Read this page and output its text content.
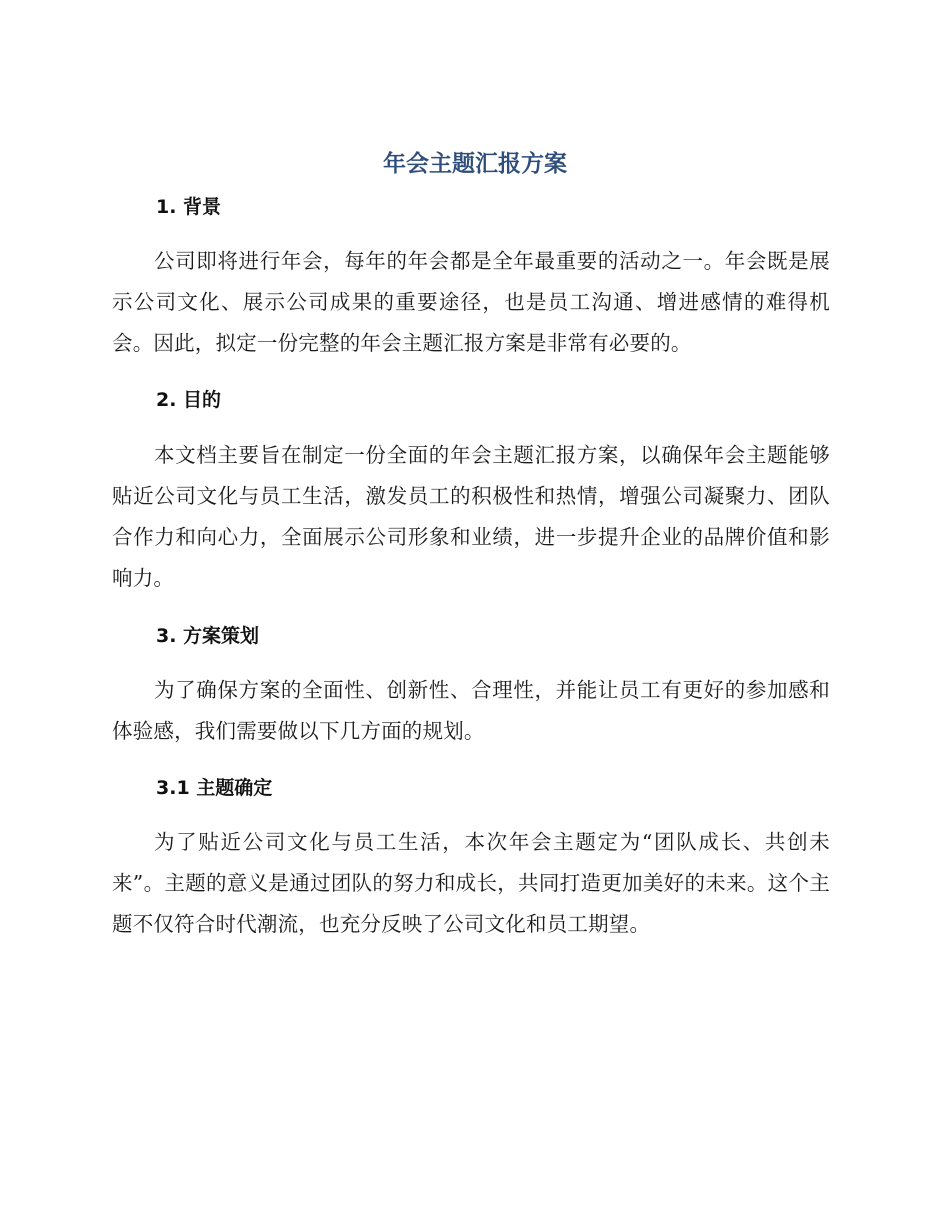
年会主题汇报方案
1. 背景

公司即将进行年会，每年的年会都是全年最重要的活动之一。年会既是展示公司文化、展示公司成果的重要途径，也是员工沟通、增进感情的难得机会。因此，拟定一份完整的年会主题汇报方案是非常有必要的。

2. 目的

本文档主要旨在制定一份全面的年会主题汇报方案，以确保年会主题能够贴近公司文化与员工生活，激发员工的积极性和热情，增强公司凝聚力、团队合作力和向心力，全面展示公司形象和业绩，进一步提升企业的品牌价值和影响力。

3. 方案策划

为了确保方案的全面性、创新性、合理性，并能让员工有更好的参加感和体验感，我们需要做以下几方面的规划。

3.1 主题确定

为了贴近公司文化与员工生活，本次年会主题定为“团队成长、共创未来”。主题的意义是通过团队的努力和成长，共同打造更加美好的未来。这个主题不仅符合时代潮流，也充分反映了公司文化和员工期望。
